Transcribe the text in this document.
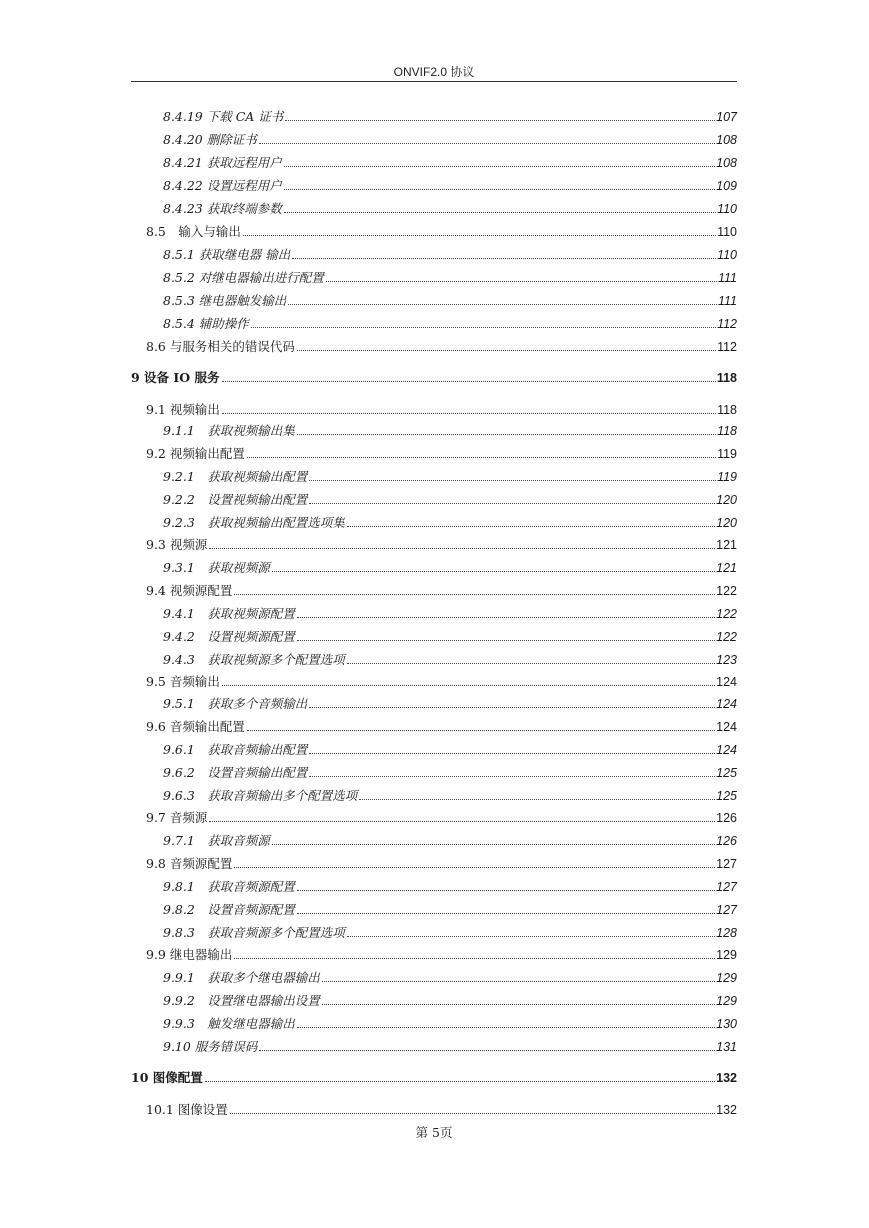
ONVIF2.0 协议
8.4.19 下载 CA 证书	107
8.4.20 删除证书	108
8.4.21 获取远程用户	108
8.4.22 设置远程用户	109
8.4.23 获取终端参数	110
8.5　输入与输出	110
8.5.1 获取继电器 输出	110
8.5.2 对继电器输出进行配置	111
8.5.3 继电器触发输出	111
8.5.4 辅助操作	112
8.6 与服务相关的错误代码	112
9 设备 IO 服务	118
9.1 视频输出	118
9.1.1　获取视频输出集	118
9.2 视频输出配置	119
9.2.1　获取视频输出配置	119
9.2.2　设置视频输出配置	120
9.2.3　获取视频输出配置选项集	120
9.3 视频源	121
9.3.1　获取视频源	121
9.4 视频源配置	122
9.4.1　获取视频源配置	122
9.4.2　设置视频源配置	122
9.4.3　获取视频源多个配置选项	123
9.5 音频输出	124
9.5.1　获取多个音频输出	124
9.6 音频输出配置	124
9.6.1　获取音频输出配置	124
9.6.2　设置音频输出配置	125
9.6.3　获取音频输出多个配置选项	125
9.7 音频源	126
9.7.1　获取音频源	126
9.8 音频源配置	127
9.8.1　获取音频源配置	127
9.8.2　设置音频源配置	127
9.8.3　获取音频源多个配置选项	128
9.9 继电器输出	129
9.9.1　获取多个继电器输出	129
9.9.2　设置继电器输出设置	129
9.9.3　触发继电器输出	130
9.10 服务错误码	131
10 图像配置	132
10.1 图像设置	132
第 5页
